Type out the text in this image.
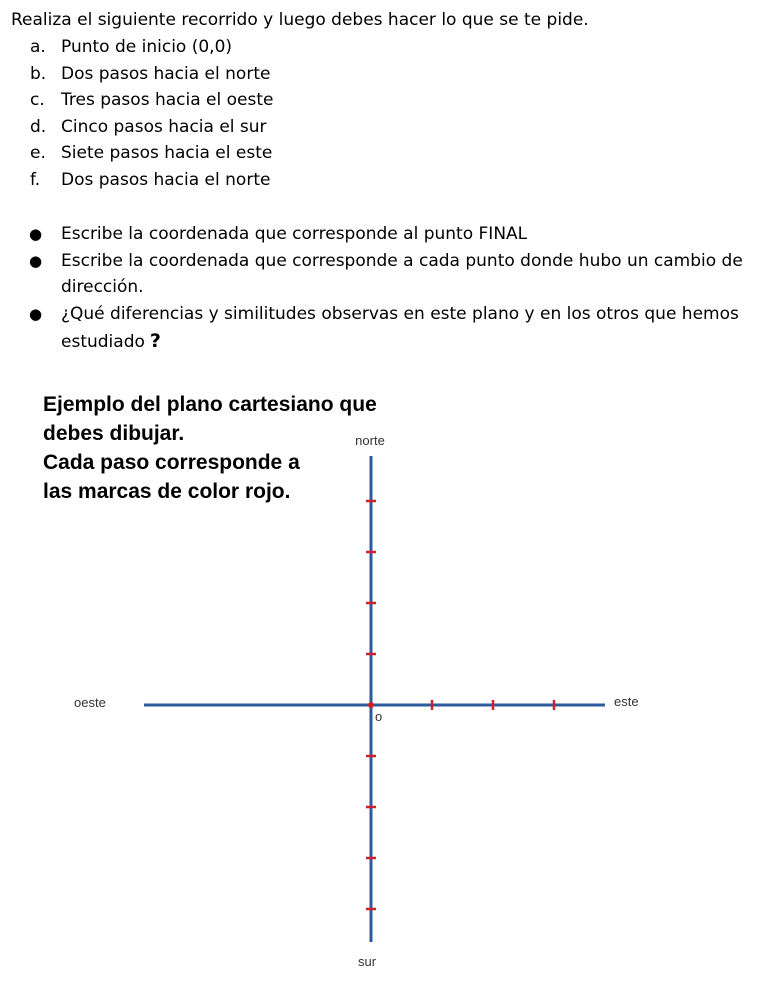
Realiza el siguiente recorrido y luego debes hacer lo que se te pide.
a. Punto de inicio (0,0)
b. Dos pasos hacia el norte
c. Tres pasos hacia el oeste
d. Cinco pasos hacia el sur
e. Siete pasos hacia el este
f.	Dos pasos hacia el norte
● Escribe la coordenada que corresponde al punto FINAL
● Escribe la coordenada que corresponde a cada punto donde hubo un cambio de dirección.
● ¿Qué diferencias y similitudes observas en este plano y en los otros que hemos estudiado ?
Ejemplo del plano cartesiano que
debes dibujar.
Cada paso corresponde a
las marcas de color rojo.
norte
sur
oeste	este
o
